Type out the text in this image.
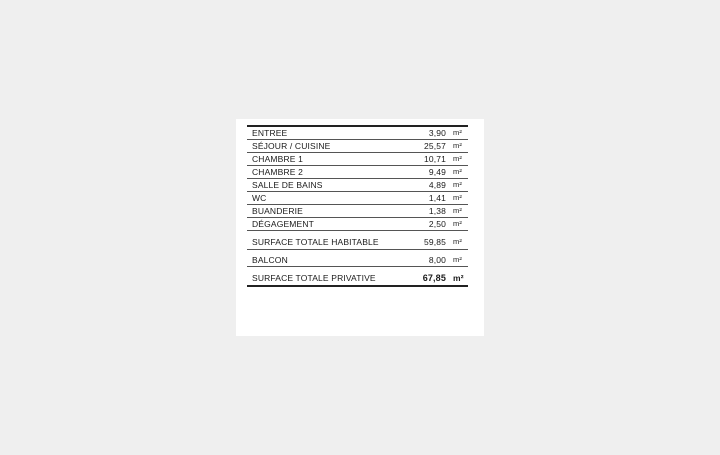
ENTREE	3,90 m²
SÉJOUR / CUISINE	25,57 m²
CHAMBRE 1	10,71 m²
CHAMBRE 2	9,49 m²
SALLE DE BAINS	4,89 m²
WC	1,41 m²
BUANDERIE	1,38 m²
DÉGAGEMENT	2,50 m²
SURFACE TOTALE HABITABLE	59,85 m²
BALCON	8,00 m²
SURFACE TOTALE PRIVATIVE	67,85 m²
